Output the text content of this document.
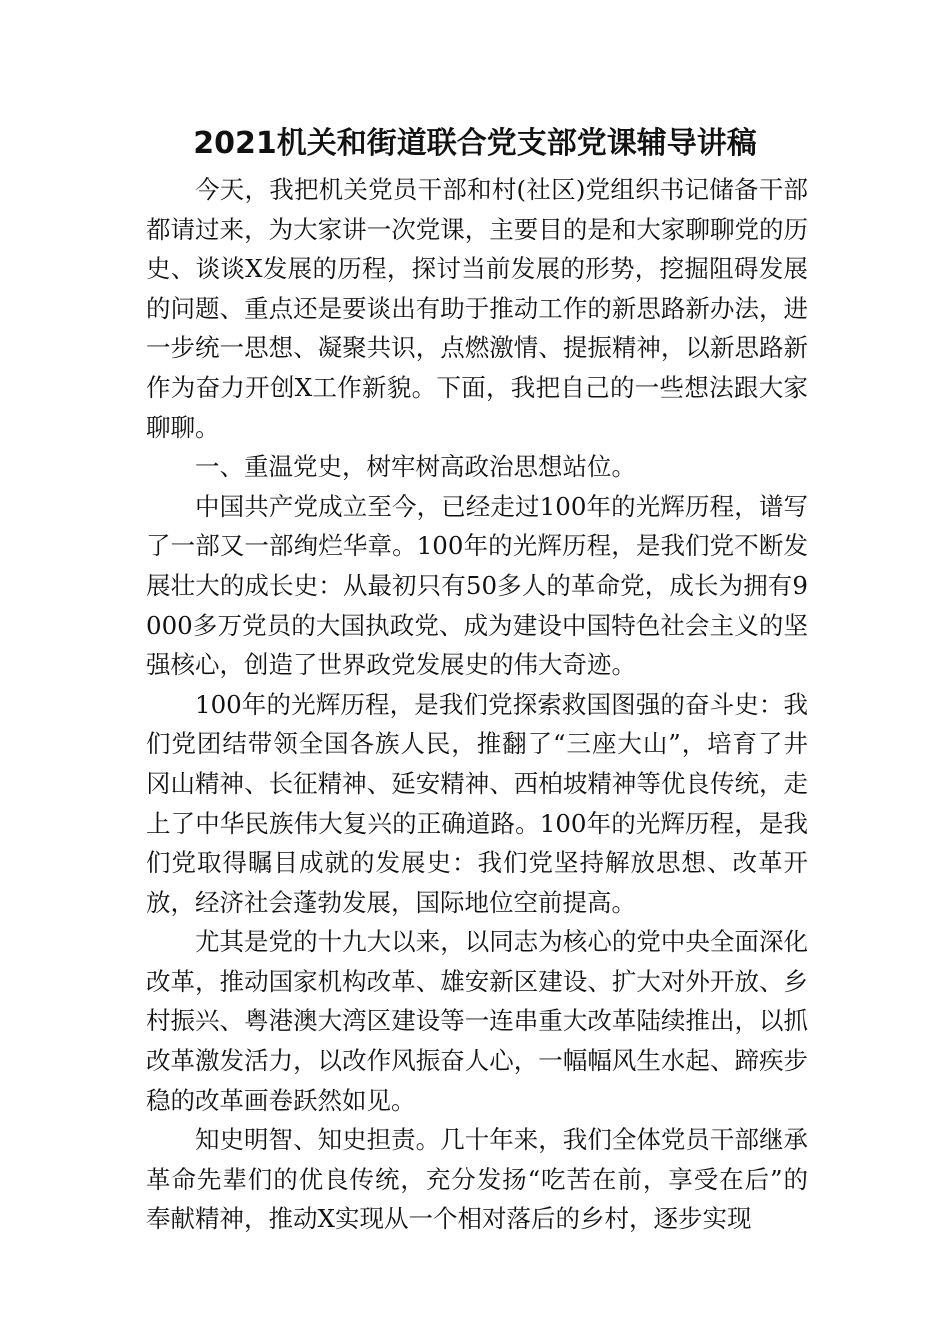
2021机关和街道联合党支部党课辅导讲稿

今天，我把机关党员干部和村(社区)党组织书记储备干部都请过来，为大家讲一次党课，主要目的是和大家聊聊党的历史、谈谈X发展的历程，探讨当前发展的形势，挖掘阻碍发展的问题、重点还是要谈出有助于推动工作的新思路新办法，进一步统一思想、凝聚共识，点燃激情、提振精神，以新思路新作为奋力开创X工作新貌。下面，我把自己的一些想法跟大家聊聊。

一、重温党史，树牢树高政治思想站位。

中国共产党成立至今，已经走过100年的光辉历程，谱写了一部又一部绚烂华章。100年的光辉历程，是我们党不断发展壮大的成长史：从最初只有50多人的革命党，成长为拥有9000多万党员的大国执政党、成为建设中国特色社会主义的坚强核心，创造了世界政党发展史的伟大奇迹。

100年的光辉历程，是我们党探索救国图强的奋斗史：我们党团结带领全国各族人民，推翻了“三座大山”，培育了井冈山精神、长征精神、延安精神、西柏坡精神等优良传统，走上了中华民族伟大复兴的正确道路。100年的光辉历程，是我们党取得瞩目成就的发展史：我们党坚持解放思想、改革开放，经济社会蓬勃发展，国际地位空前提高。

尤其是党的十九大以来，以同志为核心的党中央全面深化改革，推动国家机构改革、雄安新区建设、扩大对外开放、乡村振兴、粤港澳大湾区建设等一连串重大改革陆续推出，以抓改革激发活力，以改作风振奋人心，一幅幅风生水起、蹄疾步稳的改革画卷跃然如见。

知史明智、知史担责。几十年来，我们全体党员干部继承革命先辈们的优良传统，充分发扬“吃苦在前，享受在后”的奉献精神，推动X实现从一个相对落后的乡村，逐步实现
